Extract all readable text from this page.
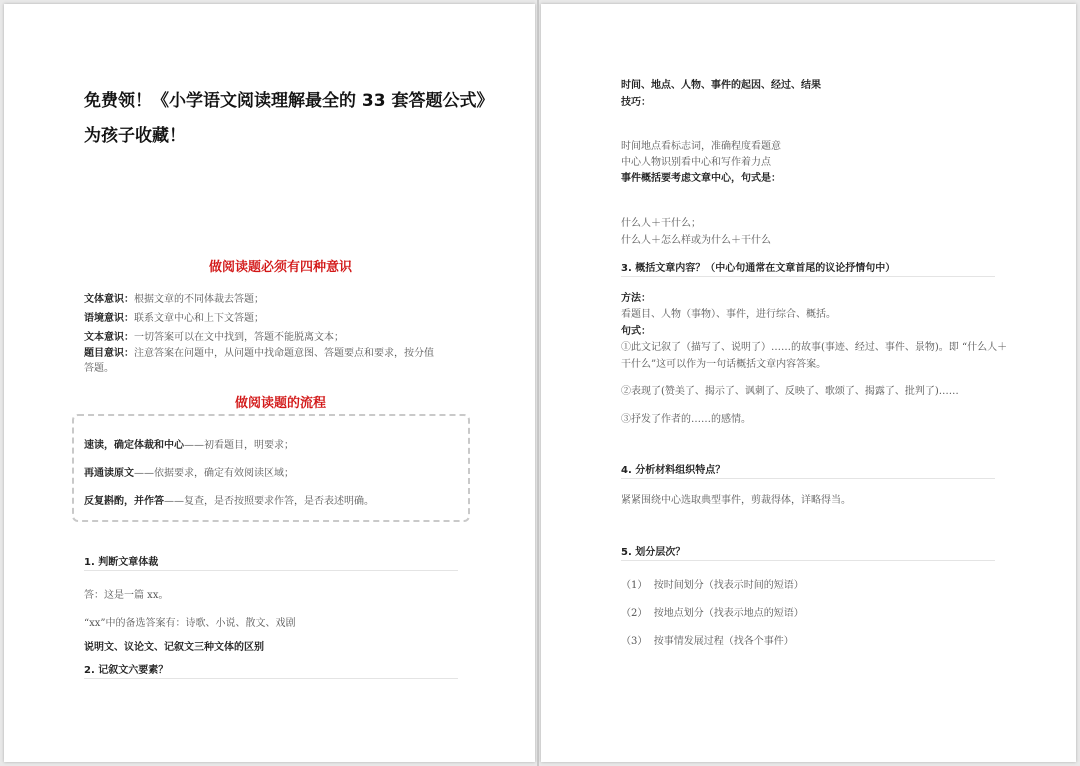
免费领！《小学语文阅读理解最全的 33 套答题公式》
为孩子收藏！
做阅读题必须有四种意识
文体意识：根据文章的不同体裁去答题；
语境意识：联系文章中心和上下文答题；
文本意识：一切答案可以在文中找到，答题不能脱离文本；
题目意识：注意答案在问题中，从问题中找命题意图、答题要点和要求，按分值
答题。
做阅读题的流程
速读，确定体裁和中心——初看题目，明要求；
再通读原文——依据要求，确定有效阅读区域；
反复斟酌，并作答——复查，是否按照要求作答，是否表述明确。
1. 判断文章体裁
答：这是一篇 xx。
“xx”中的备选答案有：诗歌、小说、散文、戏剧
说明文、议论文、记叙文三种文体的区别
2. 记叙文六要素？
时间、地点、人物、事件的起因、经过、结果
技巧：
时间地点看标志词，准确程度看题意
中心人物识别看中心和写作着力点
事件概括要考虑文章中心，句式是：
什么人＋干什么；
什么人＋怎么样或为什么＋干什么
3. 概括文章内容？（中心句通常在文章首尾的议论抒情句中）
方法：
看题目、人物（事物）、事件，进行综合、概括。
句式：
①此文记叙了（描写了、说明了）……的故事(事迹、经过、事件、景物)。即 “什么人＋
干什么”这可以作为一句话概括文章内容答案。
②表现了(赞美了、揭示了、讽刺了、反映了、歌颂了、揭露了、批判了)……
③抒发了作者的……的感情。
4. 分析材料组织特点？
紧紧围绕中心选取典型事件，剪裁得体，详略得当。
5. 划分层次？
（1） 按时间划分（找表示时间的短语）
（2） 按地点划分（找表示地点的短语）
（3） 按事情发展过程（找各个事件）
